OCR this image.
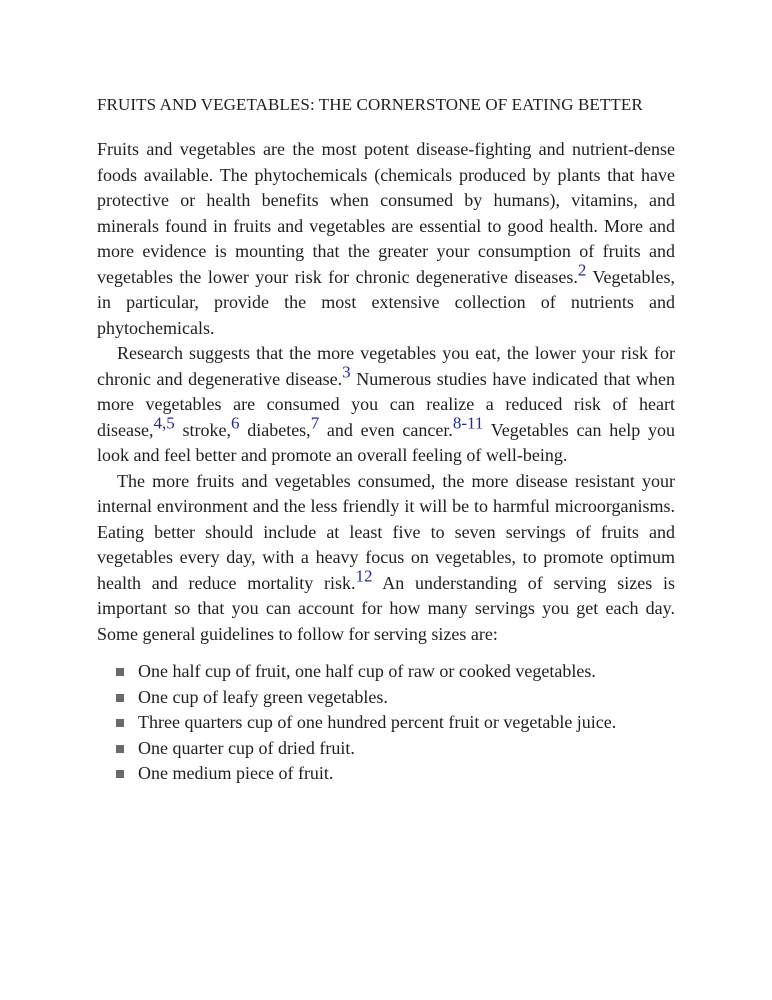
FRUITS AND VEGETABLES: THE CORNERSTONE OF EATING BETTER

Fruits and vegetables are the most potent disease-fighting and nutrient-dense foods available. The phytochemicals (chemicals produced by plants that have protective or health benefits when consumed by humans), vitamins, and minerals found in fruits and vegetables are essential to good health. More and more evidence is mounting that the greater your consumption of fruits and vegetables the lower your risk for chronic degenerative diseases.$^2$ Vegetables, in particular, provide the most extensive collection of nutrients and phytochemicals.

Research suggests that the more vegetables you eat, the lower your risk for chronic and degenerative disease.$^3$ Numerous studies have indicated that when more vegetables are consumed you can realize a reduced risk of heart disease,$^{4,5}$ stroke,$^6$ diabetes,$^7$ and even cancer.$^{8-11}$ Vegetables can help you look and feel better and promote an overall feeling of well-being.

The more fruits and vegetables consumed, the more disease resistant your internal environment and the less friendly it will be to harmful microorganisms. Eating better should include at least five to seven servings of fruits and vegetables every day, with a heavy focus on vegetables, to promote optimum health and reduce mortality risk.$^{12}$ An understanding of serving sizes is important so that you can account for how many servings you get each day. Some general guidelines to follow for serving sizes are:

One half cup of fruit, one half cup of raw or cooked vegetables.
One cup of leafy green vegetables.
Three quarters cup of one hundred percent fruit or vegetable juice.
One quarter cup of dried fruit.
One medium piece of fruit.
